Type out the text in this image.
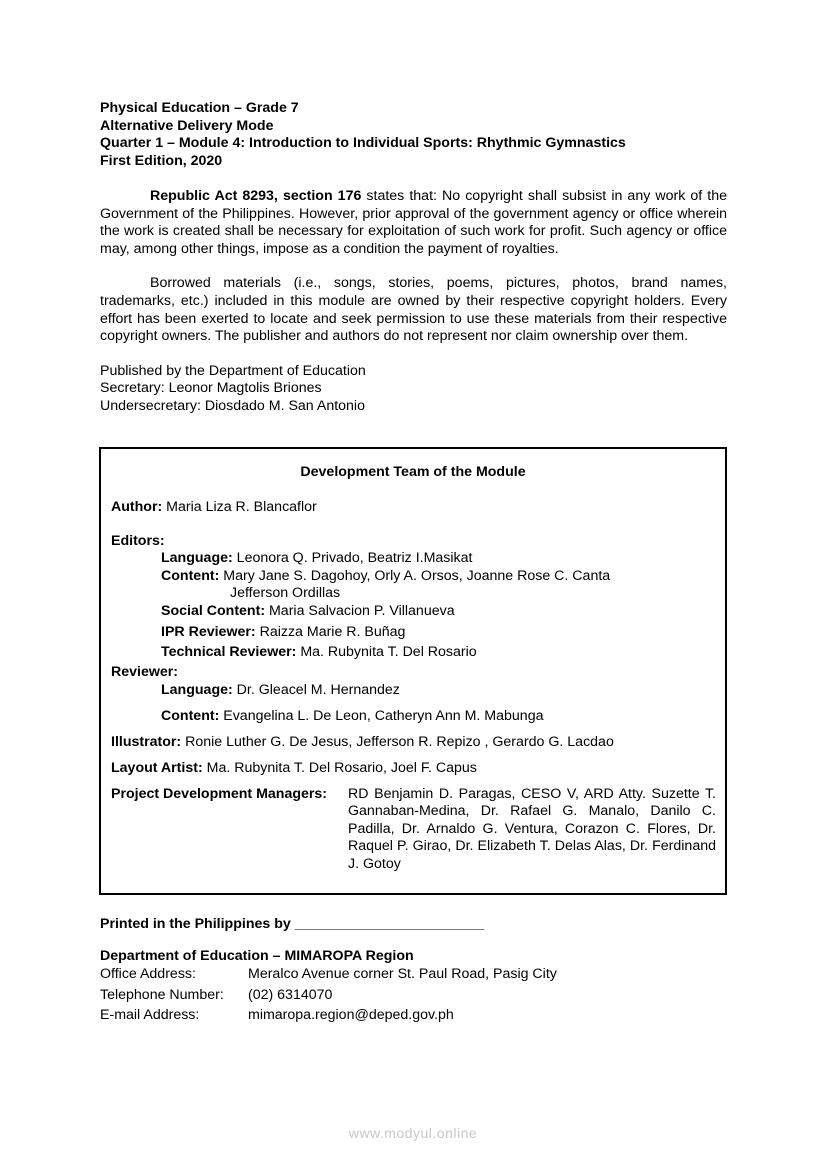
Physical Education – Grade 7
Alternative Delivery Mode
Quarter 1 – Module 4: Introduction to Individual Sports: Rhythmic Gymnastics
First Edition, 2020

Republic Act 8293, section 176 states that: No copyright shall subsist in any work of the Government of the Philippines. However, prior approval of the government agency or office wherein the work is created shall be necessary for exploitation of such work for profit. Such agency or office may, among other things, impose as a condition the payment of royalties.

Borrowed materials (i.e., songs, stories, poems, pictures, photos, brand names, trademarks, etc.) included in this module are owned by their respective copyright holders. Every effort has been exerted to locate and seek permission to use these materials from their respective copyright owners. The publisher and authors do not represent nor claim ownership over them.

Published by the Department of Education
Secretary: Leonor Magtolis Briones
Undersecretary: Diosdado M. San Antonio
Development Team of the Module
Author: Maria Liza R. Blancaflor
Editors:
Language: Leonora Q. Privado, Beatriz I.Masikat
Content: Mary Jane S. Dagohoy, Orly A. Orsos, Joanne Rose C. Canta
Jefferson Ordillas
Social Content: Maria Salvacion P. Villanueva
IPR Reviewer: Raizza Marie R. Buñag
Technical Reviewer: Ma. Rubynita T. Del Rosario
Reviewer:
Language: Dr. Gleacel M. Hernandez
Content: Evangelina L. De Leon, Catheryn Ann M. Mabunga
Illustrator: Ronie Luther G. De Jesus, Jefferson R. Repizo , Gerardo G. Lacdao
Layout Artist: Ma. Rubynita T. Del Rosario, Joel F. Capus
Project Development Managers: RD Benjamin D. Paragas, CESO V, ARD Atty. Suzette T. Gannaban-Medina, Dr. Rafael G. Manalo, Danilo C. Padilla, Dr. Arnaldo G. Ventura, Corazon C. Flores, Dr. Raquel P. Girao, Dr. Elizabeth T. Delas Alas, Dr. Ferdinand J. Gotoy
Printed in the Philippines by ________________________
Department of Education – MIMAROPA Region
Office Address:	Meralco Avenue corner St. Paul Road, Pasig City
Telephone Number: (02) 6314070
E-mail Address:	mimaropa.region@deped.gov.ph
www.modyul.online
